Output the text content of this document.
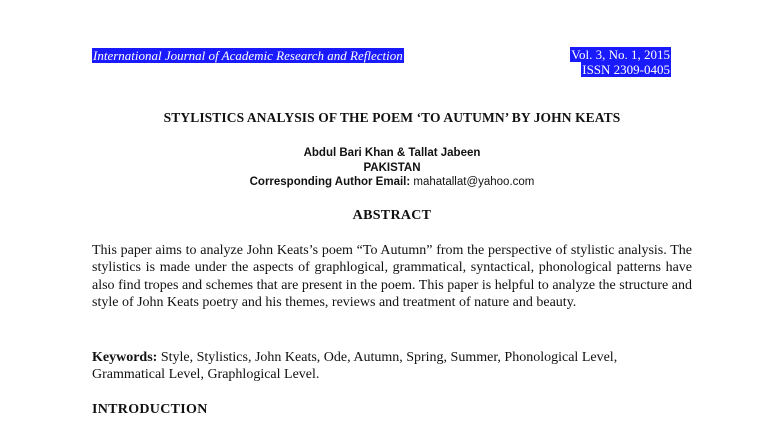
International Journal of Academic Research and Reflection	Vol. 3, No. 1, 2015
ISSN 2309-0405
STYLISTICS ANALYSIS OF THE POEM ‘TO AUTUMN’ BY JOHN KEATS
Abdul Bari Khan & Tallat Jabeen
PAKISTAN
Corresponding Author Email: mahatallat@yahoo.com
ABSTRACT

This paper aims to analyze John Keats’s poem “To Autumn” from the perspective of stylistic analysis. The stylistics is made under the aspects of graphlogical, grammatical, syntactical, phonological patterns have also find tropes and schemes that are present in the poem. This paper is helpful to analyze the structure and style of John Keats poetry and his themes, reviews and treatment of nature and beauty.

Keywords: Style, Stylistics, John Keats, Ode, Autumn, Spring, Summer, Phonological Level, Grammatical Level, Graphlogical Level.

INTRODUCTION
